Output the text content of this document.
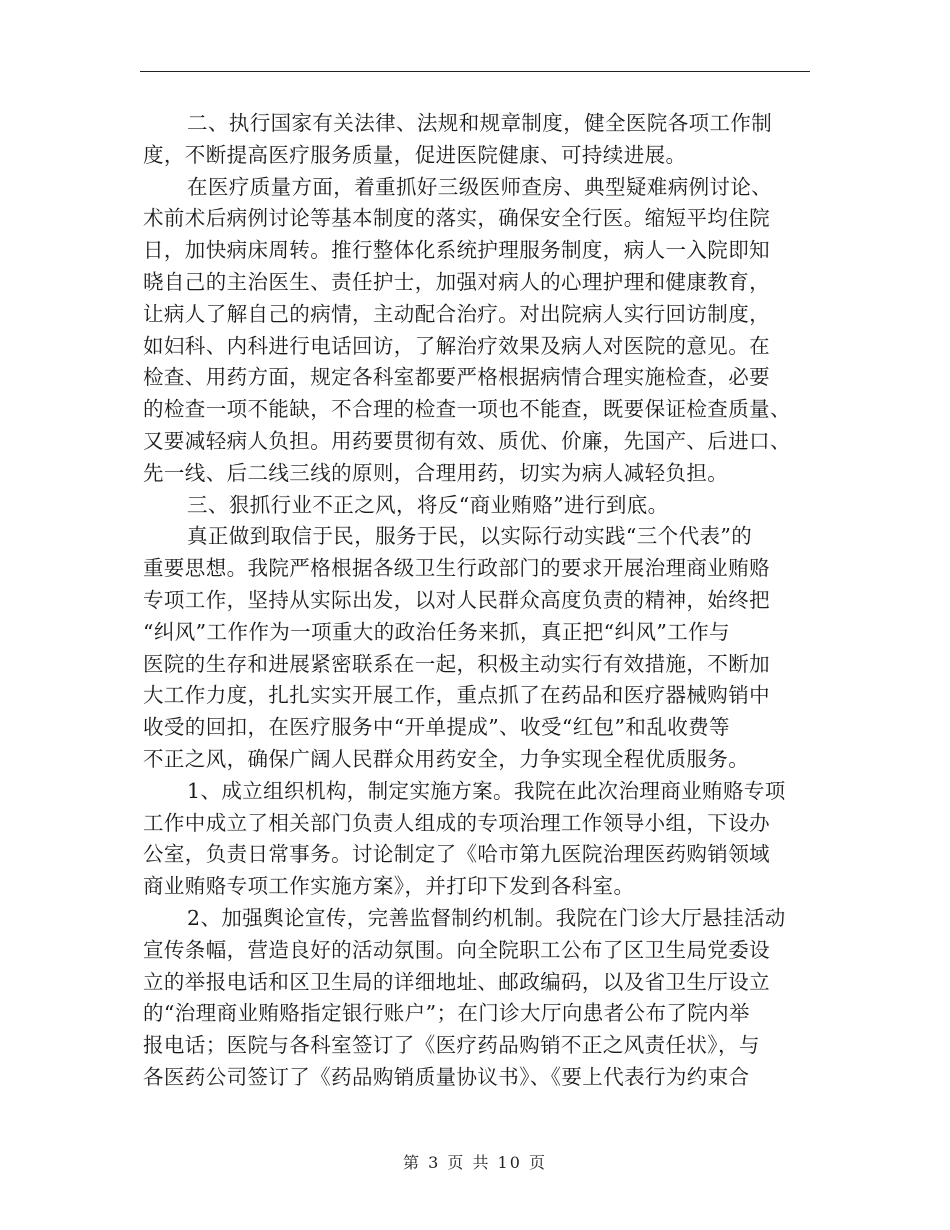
二、执行国家有关法律、法规和规章制度，健全医院各项工作制
度，不断提高医疗服务质量，促进医院健康、可持续进展。
在医疗质量方面，着重抓好三级医师查房、典型疑难病例讨论、
术前术后病例讨论等基本制度的落实，确保安全行医。缩短平均住院
日，加快病床周转。推行整体化系统护理服务制度，病人一入院即知
晓自己的主治医生、责任护士，加强对病人的心理护理和健康教育，
让病人了解自己的病情，主动配合治疗。对出院病人实行回访制度，
如妇科、内科进行电话回访，了解治疗效果及病人对医院的意见。在
检查、用药方面，规定各科室都要严格根据病情合理实施检查，必要
的检查一项不能缺，不合理的检查一项也不能查，既要保证检查质量、
又要减轻病人负担。用药要贯彻有效、质优、价廉，先国产、后进口、
先一线、后二线三线的原则，合理用药，切实为病人减轻负担。
三、狠抓行业不正之风，将反“商业贿赂”进行到底。
真正做到取信于民，服务于民，以实际行动实践“三个代表”的
重要思想。我院严格根据各级卫生行政部门的要求开展治理商业贿赂
专项工作，坚持从实际出发，以对人民群众高度负责的精神，始终把
“纠风”工作作为一项重大的政治任务来抓，真正把“纠风”工作与
医院的生存和进展紧密联系在一起，积极主动实行有效措施，不断加
大工作力度，扎扎实实开展工作，重点抓了在药品和医疗器械购销中
收受的回扣，在医疗服务中“开单提成”、收受“红包”和乱收费等
不正之风，确保广阔人民群众用药安全，力争实现全程优质服务。
1、成立组织机构，制定实施方案。我院在此次治理商业贿赂专项
工作中成立了相关部门负责人组成的专项治理工作领导小组，下设办
公室，负责日常事务。讨论制定了《哈市第九医院治理医药购销领域
商业贿赂专项工作实施方案》，并打印下发到各科室。
2、加强舆论宣传，完善监督制约机制。我院在门诊大厅悬挂活动
宣传条幅，营造良好的活动氛围。向全院职工公布了区卫生局党委设
立的举报电话和区卫生局的详细地址、邮政编码，以及省卫生厅设立
的“治理商业贿赂指定银行账户”；在门诊大厅向患者公布了院内举
报电话；医院与各科室签订了《医疗药品购销不正之风责任状》，与
各医药公司签订了《药品购销质量协议书》、《要上代表行为约束合
第 3 页 共 10 页
